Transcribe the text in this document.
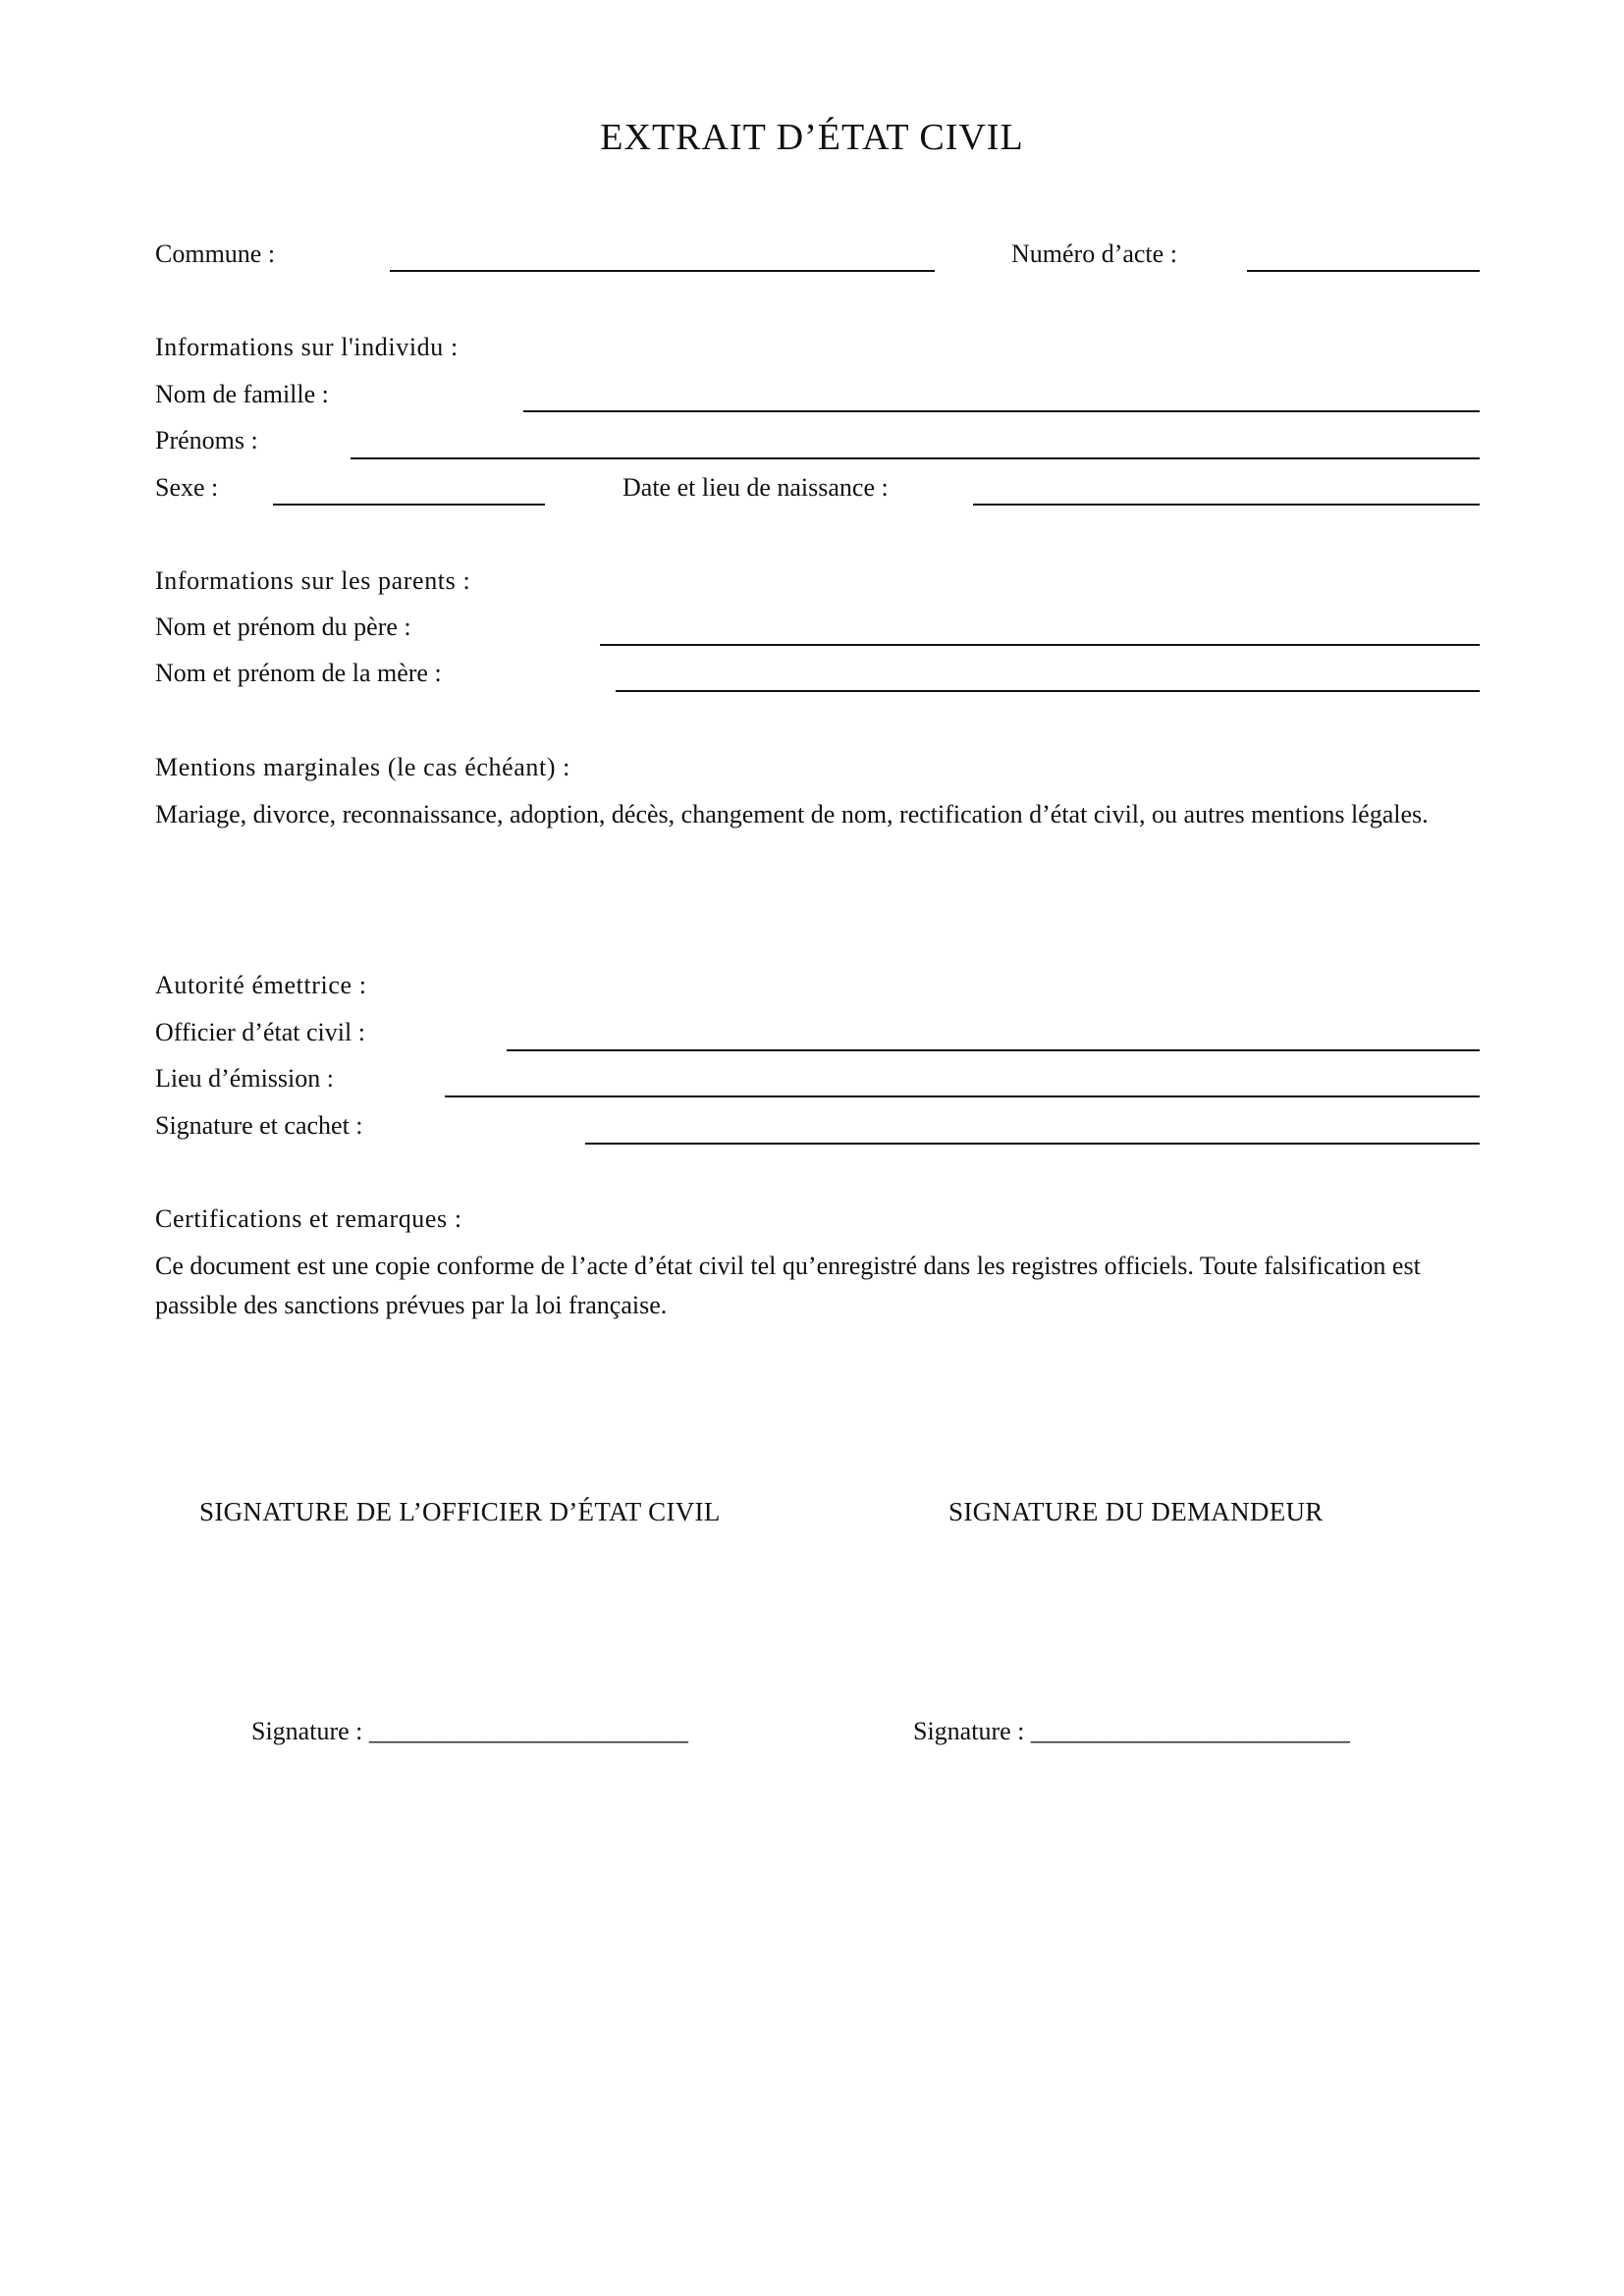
EXTRAIT D’ÉTAT CIVIL
Commune :	Numéro d’acte :
Informations sur l'individu :
Nom de famille :
Prénoms :
Sexe :	Date et lieu de naissance :
Informations sur les parents :
Nom et prénom du père :
Nom et prénom de la mère :
Mentions marginales (le cas échéant) :
Mariage, divorce, reconnaissance, adoption, décès, changement de nom, rectification d’état civil, ou autres mentions légales.
Autorité émettrice :
Officier d’état civil :
Lieu d’émission :
Signature et cachet :
Certifications et remarques :
Ce document est une copie conforme de l’acte d’état civil tel qu’enregistré dans les registres officiels. Toute falsification est passible des sanctions prévues par la loi française.
SIGNATURE DE L’OFFICIER D’ÉTAT CIVIL	SIGNATURE DU DEMANDEUR
Signature : _________________________	Signature : _________________________
